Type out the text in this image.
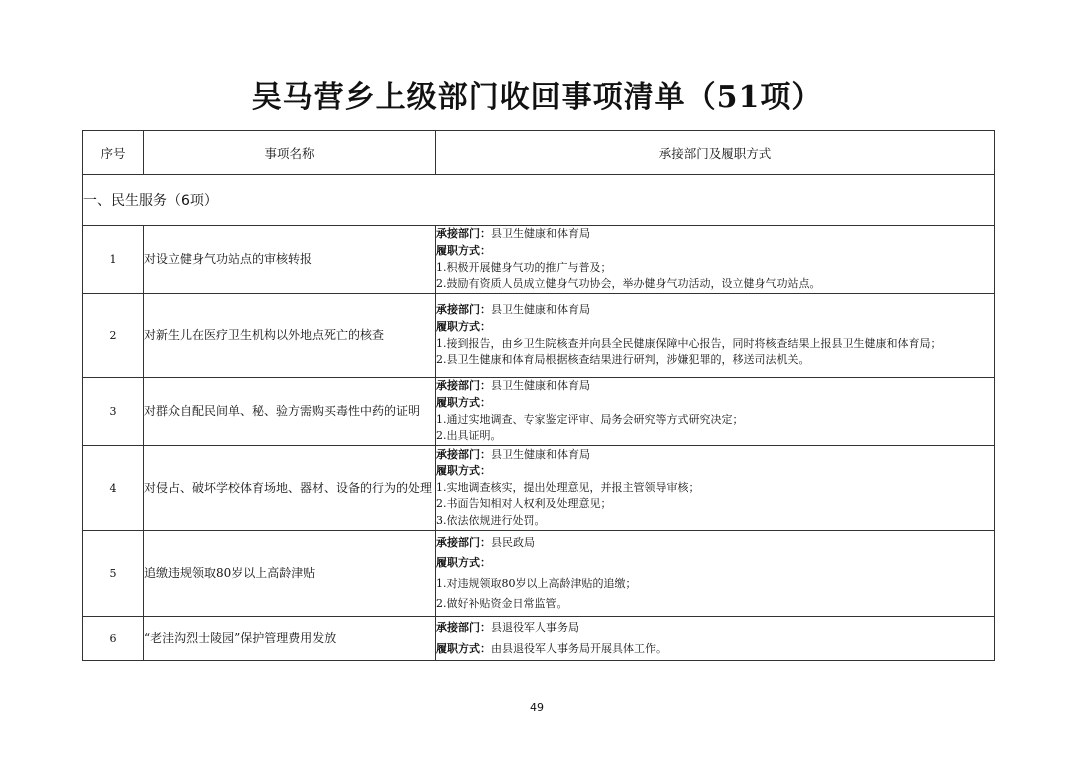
吴马营乡上级部门收回事项清单（51项）
序号	事项名称	承接部门及履职方式
一、民生服务（6项）		
1	对设立健身气功站点的审核转报	承接部门：县卫生健康和体育局
履职方式：
1.积极开展健身气功的推广与普及；
2.鼓励有资质人员成立健身气功协会，举办健身气功活动，设立健身气功站点。

2	对新生儿在医疗卫生机构以外地点死亡的核查	承接部门：县卫生健康和体育局
履职方式：
1.接到报告，由乡卫生院核查并向县全民健康保障中心报告，同时将核查结果上报县卫生健康和体育局；
2.县卫生健康和体育局根据核查结果进行研判，涉嫌犯罪的，移送司法机关。

3	对群众自配民间单、秘、验方需购买毒性中药的证明	承接部门：县卫生健康和体育局
履职方式：
1.通过实地调查、专家鉴定评审、局务会研究等方式研究决定；
2.出具证明。

4	对侵占、破坏学校体育场地、器材、设备的行为的处理	承接部门：县卫生健康和体育局
履职方式：
1.实地调查核实，提出处理意见，并报主管领导审核；
2.书面告知相对人权利及处理意见；
3.依法依规进行处罚。

5	追缴违规领取80岁以上高龄津贴	承接部门：县民政局
履职方式：
1.对违规领取80岁以上高龄津贴的追缴；
2.做好补贴资金日常监管。

6	“老洼沟烈士陵园”保护管理费用发放	承接部门：县退役军人事务局
履职方式：由县退役军人事务局开展具体工作。
49
